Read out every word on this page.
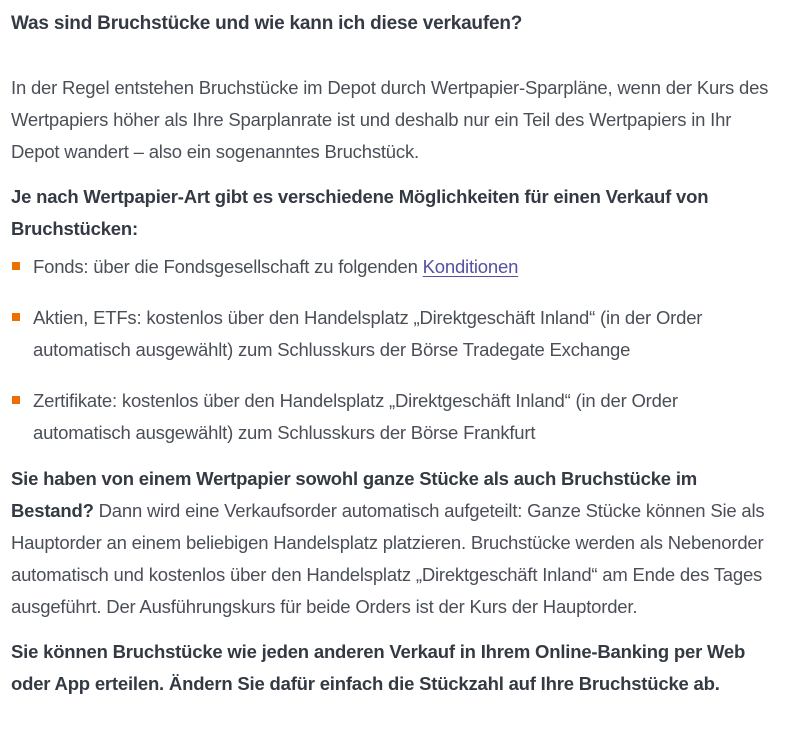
Was sind Bruchstücke und wie kann ich diese verkaufen?

In der Regel entstehen Bruchstücke im Depot durch Wertpapier-Sparpläne, wenn der Kurs des Wertpapiers höher als Ihre Sparplanrate ist und deshalb nur ein Teil des Wertpapiers in Ihr Depot wandert – also ein sogenanntes Bruchstück.

Je nach Wertpapier-Art gibt es verschiedene Möglichkeiten für einen Verkauf von Bruchstücken:

Fonds: über die Fondsgesellschaft zu folgenden Konditionen
Aktien, ETFs: kostenlos über den Handelsplatz „Direktgeschäft Inland“ (in der Order automatisch ausgewählt) zum Schlusskurs der Börse Tradegate Exchange
Zertifikate: kostenlos über den Handelsplatz „Direktgeschäft Inland“ (in der Order automatisch ausgewählt) zum Schlusskurs der Börse Frankfurt

Sie haben von einem Wertpapier sowohl ganze Stücke als auch Bruchstücke im Bestand? Dann wird eine Verkaufsorder automatisch aufgeteilt: Ganze Stücke können Sie als Hauptorder an einem beliebigen Handelsplatz platzieren. Bruchstücke werden als Nebenorder automatisch und kostenlos über den Handelsplatz „Direktgeschäft Inland“ am Ende des Tages ausgeführt. Der Ausführungskurs für beide Orders ist der Kurs der Hauptorder.

Sie können Bruchstücke wie jeden anderen Verkauf in Ihrem Online-Banking per Web oder App erteilen. Ändern Sie dafür einfach die Stückzahl auf Ihre Bruchstücke ab.
